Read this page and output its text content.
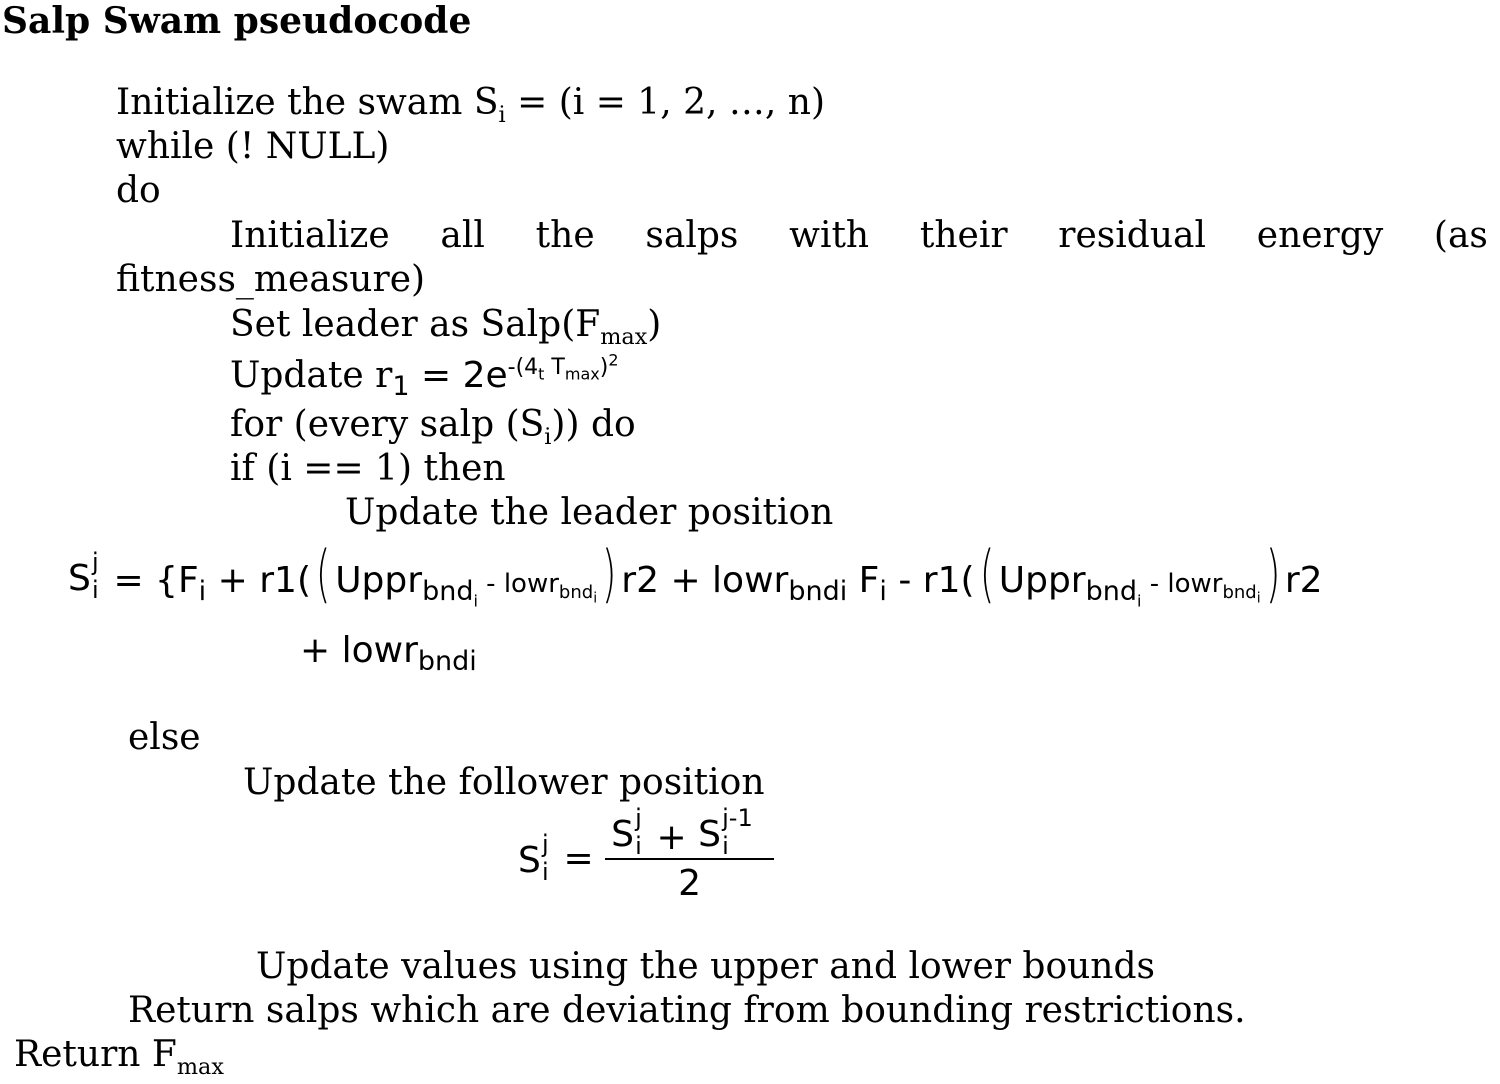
Salp Swam pseudocode
Initialize the swam $S_i = (i = 1$, 2, …, n)
while (! NULL)
do
Initialize all the salps with their residual energy (as
fitness_measure)
Set leader as $Salp(F_{max})$
Update $r_1 = 2e^{-(4_t T_{max})^2}$
for (every salp $(S_i)$) do
if (i == 1) then
Update the leader position
S j
$i = \{F_i + r1$(( Uppr$_{bnd_i}$ - lowr$_{bnd_i}$) r2 + lowr$_{bndi}$ $F_i - r1$(( Uppr$_{bnd_i}$ - lowr$_{bnd_i}$) r2
+ lowr$_{bndi}$
else
Update the follower position
S j
i = S j
i + S j-1
i
2
Update values using the upper and lower bounds
Return salps which are deviating from bounding restrictions.
Return $F_{max}$
